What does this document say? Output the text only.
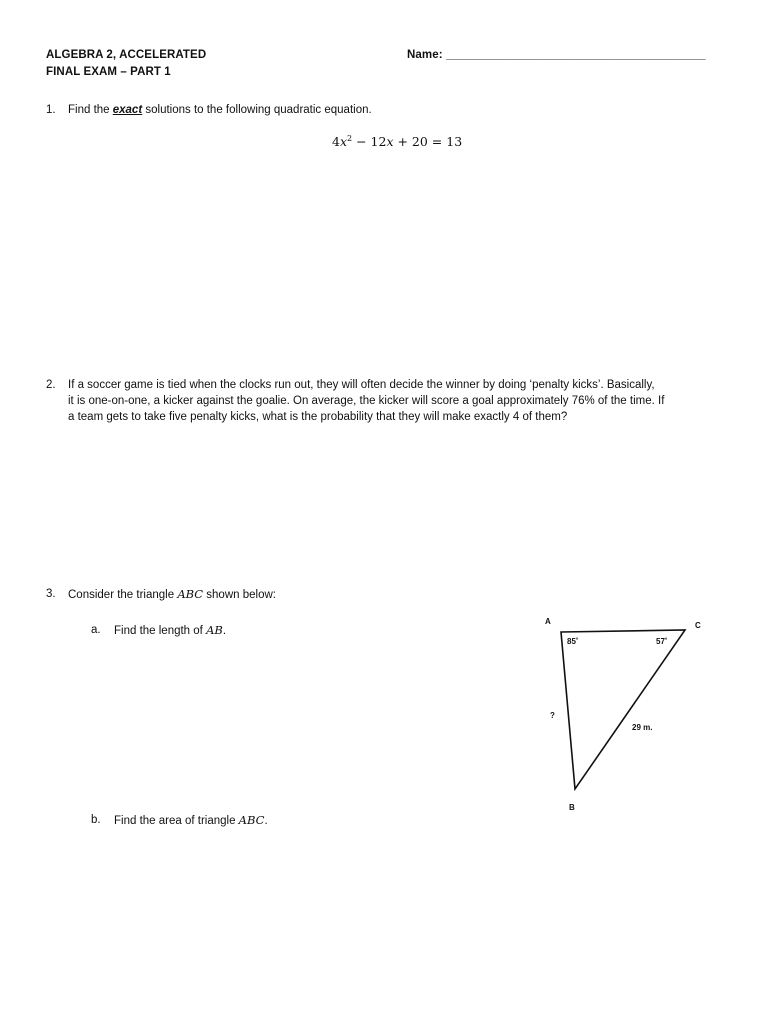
ALGEBRA 2, ACCELERATED
FINAL EXAM – PART 1
Name: ________________________________________
1.	Find the exact solutions to the following quadratic equation.
$4x^2 - 12x + 20 = 13$
2.	If a soccer game is tied when the clocks run out, they will often decide the winner by doing ‘penalty kicks’. Basically,
it is one-on-one, a kicker against the goalie. On average, the kicker will score a goal approximately 76% of the time. If
a team gets to take five penalty kicks, what is the probability that they will make exactly 4 of them?
3.	Consider the triangle ABC shown below:
a. Find the length of AB.
b. Find the area of triangle ABC.
A	C
B
85˚	57˚
29 m.
?
